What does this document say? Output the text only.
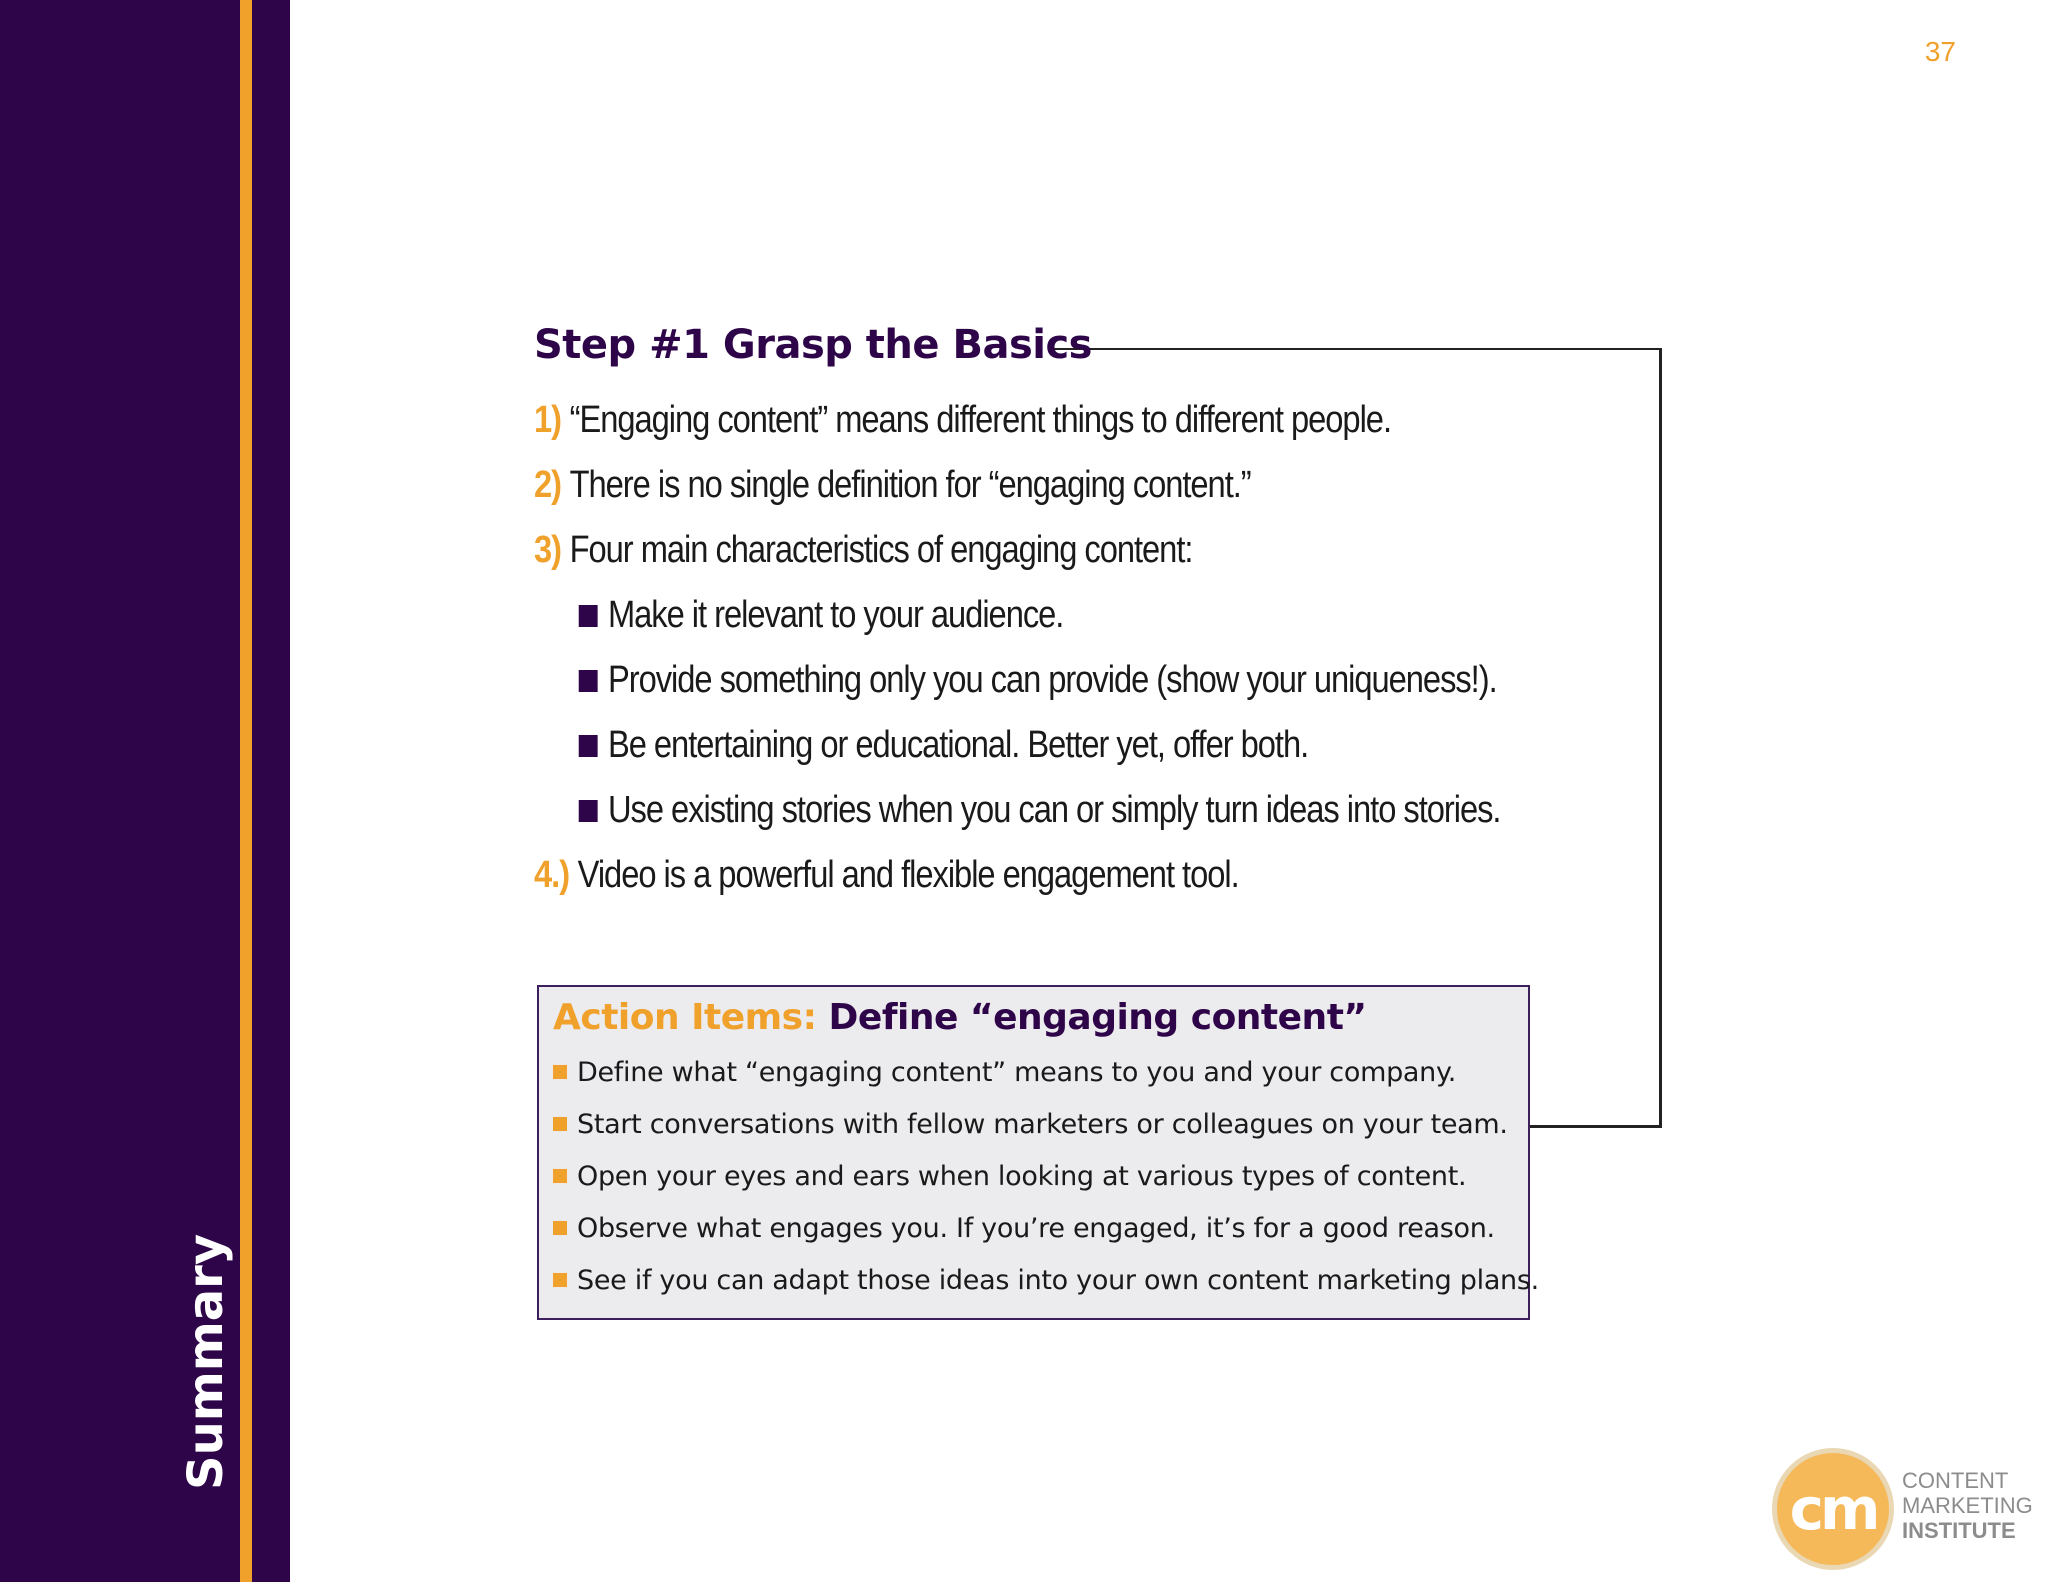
Summary
37
Step #1 Grasp the Basics
1) “Engaging content” means different things to different people.
2) There is no single definition for “engaging content.”
3) Four main characteristics of engaging content:
Make it relevant to your audience.
Provide something only you can provide (show your uniqueness!).
Be entertaining or educational. Better yet, offer both.
Use existing stories when you can or simply turn ideas into stories.
4.) Video is a powerful and flexible engagement tool.
Action Items: Define “engaging content”
Define what “engaging content” means to you and your company.
Start conversations with fellow marketers or colleagues on your team.
Open your eyes and ears when looking at various types of content.
Observe what engages you. If you’re engaged, it’s for a good reason.
See if you can adapt those ideas into your own content marketing plans.
cm CONTENT
MARKETING
INSTITUTE
